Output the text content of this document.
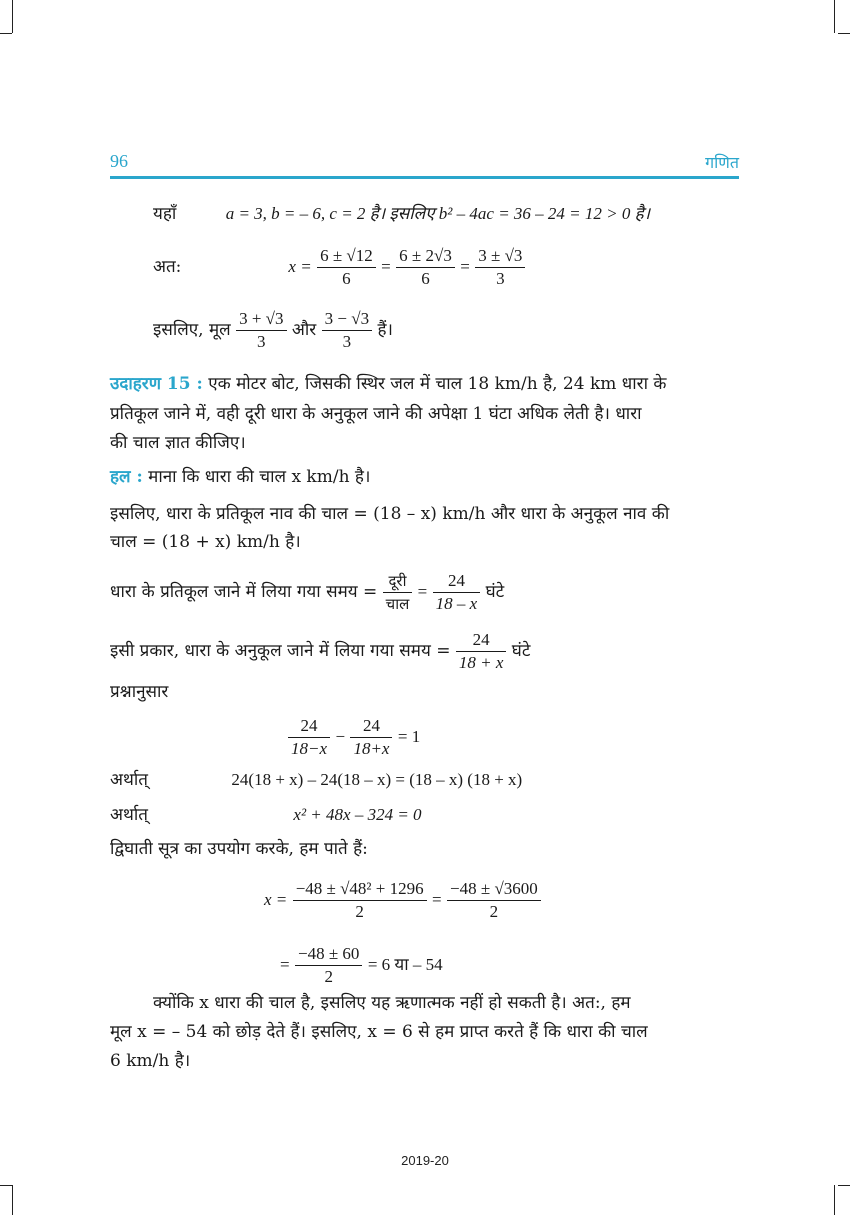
96	गणित
यहाँ	a = 3, b = – 6, c = 2 है। इसलिए b² – 4ac = 36 – 24 = 12 > 0 है।
अत:	$x = \frac{6 \pm √12}{6} = \frac{6 \pm 2√3}{6} = \frac{3 \pm √3}{3}$
इसलिए, मूल $\frac{3 + √3}{3}$ और $\frac{3 - √3}{3}$ हैं।
उदाहरण 15 : एक मोटर बोट, जिसकी स्थिर जल में चाल 18 km/h है, 24 km धारा के
प्रतिकूल जाने में, वही दूरी धारा के अनुकूल जाने की अपेक्षा 1 घंटा अधिक लेती है। धारा
की चाल ज्ञात कीजिए।
हल : माना कि धारा की चाल x km/h है।
इसलिए, धारा के प्रतिकूल नाव की चाल = (18 – x) km/h और धारा के अनुकूल नाव की
चाल = (18 + x) km/h है।
धारा के प्रतिकूल जाने में लिया गया समय = $\frac{\text{दूरी}}{\text{चाल}} = \frac{24}{18 - x}$ घंटे
इसी प्रकार, धारा के अनुकूल जाने में लिया गया समय = $\frac{24}{18 + x}$ घंटे
प्रश्नानुसार
$\frac{24}{18-x} - \frac{24}{18+x} = 1$
अर्थात्	24(18 + x) – 24(18 – x) = (18 – x) (18 + x)
अर्थात्	x² + 48x – 324 = 0
द्विघाती सूत्र का उपयोग करके, हम पाते हैं:
$x = \frac{\text{−48 ± √48² + 1296}}{2} = \frac{-48 \pm √3600}{2}$
= $\frac{-48 \pm 60}{2} = 6$ या – 54
क्योंकि x धारा की चाल है, इसलिए यह ऋणात्मक नहीं हो सकती है। अत:, हम
मूल x = – 54 को छोड़ देते हैं। इसलिए, x = 6 से हम प्राप्त करते हैं कि धारा की चाल
6 km/h है।
2019-20
